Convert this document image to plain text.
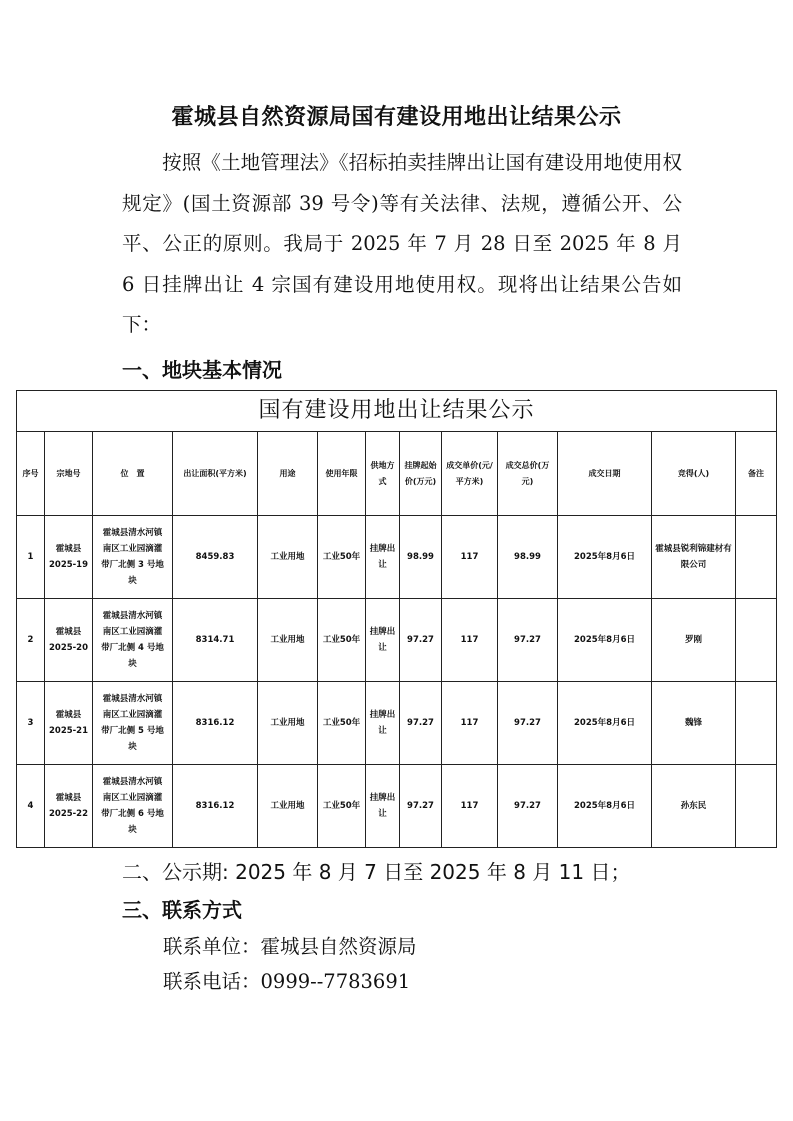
霍城县自然资源局国有建设用地出让结果公示
按照《土地管理法》《招标拍卖挂牌出让国有建设用地使用权规定》(国土资源部 39 号令)等有关法律、法规，遵循公开、公平、公正的原则。我局于 2025 年 7 月 28 日至 2025 年 8 月 6 日挂牌出让 4 宗国有建设用地使用权。现将出让结果公告如下：
一、地块基本情况
国有建设用地出让结果公示												
序号	宗地号	位　置	出让面积(平方米)	用途	使用年限	供地方式	挂牌起始价(万元)	成交单价(元/平方米)	成交总价(万元)	成交日期	竞得(人)	备注
1	霍城县2025-19	霍城县清水河镇南区工业园滴灌带厂北侧 3 号地块	8459.83	工业用地	工业50年	挂牌出让	98.99	117	98.99	2025年8月6日	霍城县锐利锦建材有限公司	
2	霍城县2025-20	霍城县清水河镇南区工业园滴灌带厂北侧 4 号地块	8314.71	工业用地	工业50年	挂牌出让	97.27	117	97.27	2025年8月6日	罗刚	
3	霍城县2025-21	霍城县清水河镇南区工业园滴灌带厂北侧 5 号地块	8316.12	工业用地	工业50年	挂牌出让	97.27	117	97.27	2025年8月6日	魏锋	
4	霍城县2025-22	霍城县清水河镇南区工业园滴灌带厂北侧 6 号地块	8316.12	工业用地	工业50年	挂牌出让	97.27	117	97.27	2025年8月6日	孙东民	
二、公示期: 2025 年 8 月 7 日至 2025 年 8 月 11 日；
三、联系方式
联系单位：霍城县自然资源局
联系电话：0999--7783691
